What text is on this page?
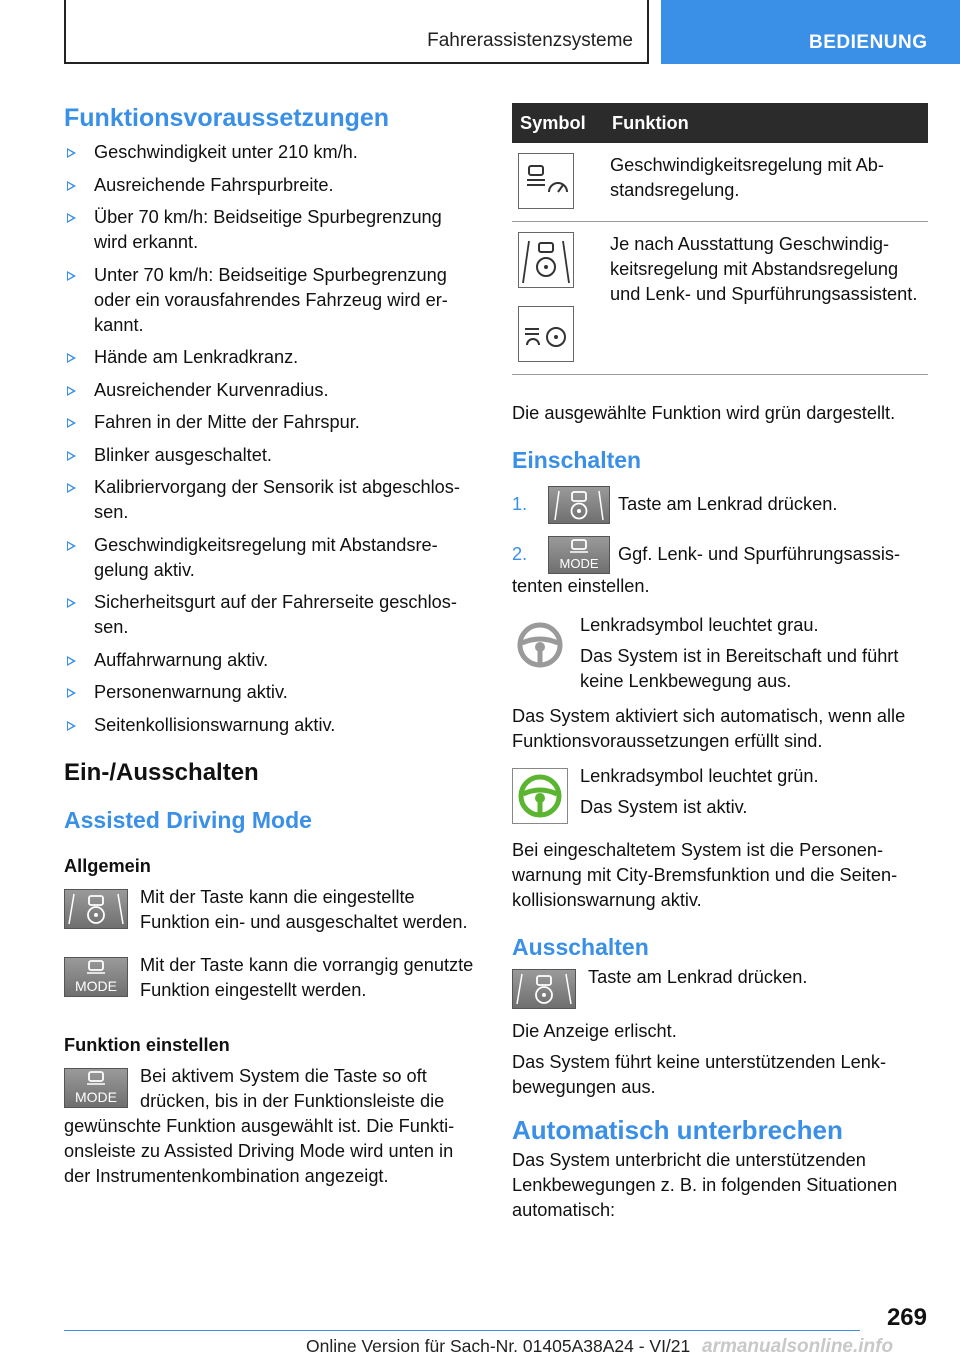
Fahrerassistenzsysteme	BEDIENUNG
Funktionsvoraussetzungen
Geschwindigkeit unter 210 km/h.
Ausreichende Fahrspurbreite.
Über 70 km/h: Beidseitige Spurbegrenzung wird erkannt.
Unter 70 km/h: Beidseitige Spurbegrenzung oder ein vorausfahrendes Fahrzeug wird erkannt.
Hände am Lenkradkranz.
Ausreichender Kurvenradius.
Fahren in der Mitte der Fahrspur.
Blinker ausgeschaltet.
Kalibriervorgang der Sensorik ist abgeschlossen.
Geschwindigkeitsregelung mit Abstandsregelung aktiv.
Sicherheitsgurt auf der Fahrerseite geschlossen.
Auffahrwarnung aktiv.
Personenwarnung aktiv.
Seitenkollisionswarnung aktiv.
Ein-/Ausschalten
Assisted Driving Mode
Allgemein

Mit der Taste kann die eingestellte Funktion ein- und ausgeschaltet werden.

MODE

Mit der Taste kann die vorrangig genutzte Funktion eingestellt werden.

Funktion einstellen
MODE

Bei aktivem System die Taste so oft drücken, bis in der Funktionsleiste die gewünschte Funktion ausgewählt ist. Die Funktionsleiste zu Assisted Driving Mode wird unten in der Instrumentenkombination angezeigt.

Symbol	Funktion

	Geschwindigkeitsregelung mit Abstandsregelung.

	Je nach Ausstattung Geschwindigkeitsregelung mit Abstandsregelung und Lenk- und Spurführungsassistent.

Die ausgewählte Funktion wird grün dargestellt.

Einschalten
1.	Taste am Lenkrad drücken.
2. MODE Ggf. Lenk- und Spurführungsassistenten einstellen.

Lenkradsymbol leuchtet grau.

Das System ist in Bereitschaft und führt keine Lenkbewegung aus.

Das System aktiviert sich automatisch, wenn alle Funktionsvoraussetzungen erfüllt sind.

Lenkradsymbol leuchtet grün.

Das System ist aktiv.

Bei eingeschaltetem System ist die Personenwarnung mit City-Bremsfunktion und die Seitenkollisionswarnung aktiv.

Ausschalten

Taste am Lenkrad drücken.

Die Anzeige erlischt.

Das System führt keine unterstützenden Lenkbewegungen aus.

Automatisch unterbrechen

Das System unterbricht die unterstützenden Lenkbewegungen z. B. in folgenden Situationen automatisch:

269
Online Version für Sach-Nr. 01405A38A24 - VI/21 armanualsonline.info
